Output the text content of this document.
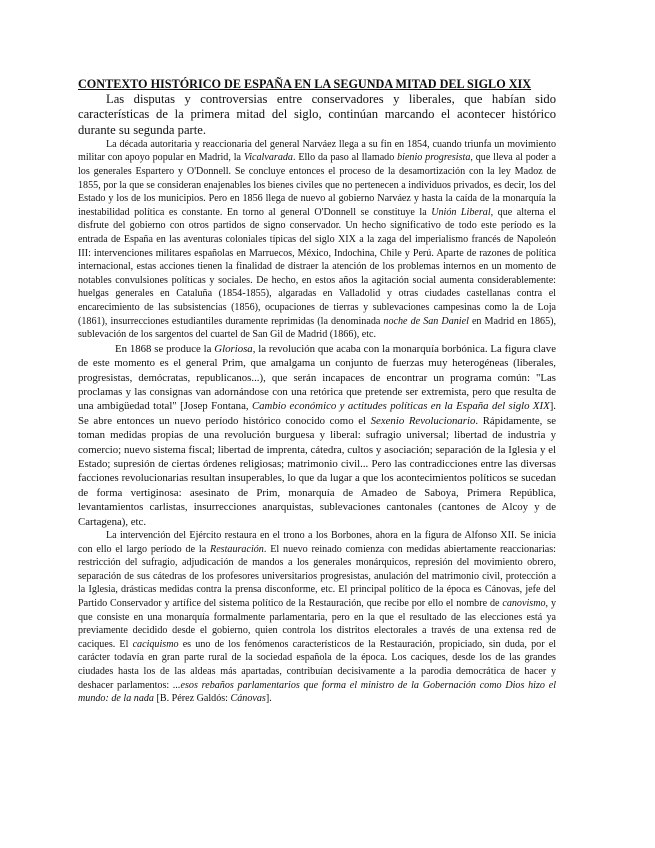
CONTEXTO HISTÓRICO DE ESPAÑA EN LA SEGUNDA MITAD DEL SIGLO XIX

Las disputas y controversias entre conservadores y liberales, que habían sido características de la primera mitad del siglo, continúan marcando el acontecer histórico durante su segunda parte.

La década autoritaria y reaccionaria del general Narváez llega a su fin en 1854, cuando triunfa un movimiento militar con apoyo popular en Madrid, la Vicalvarada. Ello da paso al llamado bienio progresista, que lleva al poder a los generales Espartero y O'Donnell. Se concluye entonces el proceso de la desamortización con la ley Madoz de 1855, por la que se consideran enajenables los bienes civiles que no pertenecen a individuos privados, es decir, los del Estado y los de los municipios. Pero en 1856 llega de nuevo al gobierno Narváez y hasta la caída de la monarquía la inestabilidad política es constante. En torno al general O'Donnell se constituye la Unión Liberal, que alterna el disfrute del gobierno con otros partidos de signo conservador. Un hecho significativo de todo este período es la entrada de España en las aventuras coloniales típicas del siglo XIX a la zaga del imperialismo francés de Napoleón III: intervenciones militares españolas en Marruecos, México, Indochina, Chile y Perú. Aparte de razones de política internacional, estas acciones tienen la finalidad de distraer la atención de los problemas internos en un momento de notables convulsiones políticas y sociales. De hecho, en estos años la agitación social aumenta considerablemente: huelgas generales en Cataluña (1854-1855), algaradas en Valladolid y otras ciudades castellanas contra el encarecimiento de las subsistencias (1856), ocupaciones de tierras y sublevaciones campesinas como la de Loja (1861), insurrecciones estudiantiles duramente reprimidas (la denominada noche de San Daniel en Madrid en 1865), sublevación de los sargentos del cuartel de San Gil de Madrid (1866), etc.

En 1868 se produce la Gloriosa, la revolución que acaba con la monarquía borbónica. La figura clave de este momento es el general Prim, que amalgama un conjunto de fuerzas muy heterogéneas (liberales, progresistas, demócratas, republicanos...), que serán incapaces de encontrar un programa común: "Las proclamas y las consignas van adornándose con una retórica que pretende ser extremista, pero que resulta de una ambigüedad total" [Josep Fontana, Cambio económico y actitudes políticas en la España del siglo XIX]. Se abre entonces un nuevo período histórico conocido como el Sexenio Revolucionario. Rápidamente, se toman medidas propias de una revolución burguesa y liberal: sufragio universal; libertad de industria y comercio; nuevo sistema fiscal; libertad de imprenta, cátedra, cultos y asociación; separación de la Iglesia y el Estado; supresión de ciertas órdenes religiosas; matrimonio civil... Pero las contradicciones entre las diversas facciones revolucionarias resultan insuperables, lo que da lugar a que los acontecimientos políticos se sucedan de forma vertiginosa: asesinato de Prim, monarquía de Amadeo de Saboya, Primera República, levantamientos carlistas, insurrecciones anarquistas, sublevaciones cantonales (cantones de Alcoy y de Cartagena), etc.

La intervención del Ejército restaura en el trono a los Borbones, ahora en la figura de Alfonso XII. Se inicia con ello el largo período de la Restauración. El nuevo reinado comienza con medidas abiertamente reaccionarias: restricción del sufragio, adjudicación de mandos a los generales monárquicos, represión del movimiento obrero, separación de sus cátedras de los profesores universitarios progresistas, anulación del matrimonio civil, protección a la Iglesia, drásticas medidas contra la prensa disconforme, etc. El principal político de la época es Cánovas, jefe del Partido Conservador y artífice del sistema político de la Restauración, que recibe por ello el nombre de canovismo, y que consiste en una monarquía formalmente parlamentaria, pero en la que el resultado de las elecciones está ya previamente decidido desde el gobierno, quien controla los distritos electorales a través de una extensa red de caciques. El caciquismo es uno de los fenómenos característicos de la Restauración, propiciado, sin duda, por el carácter todavía en gran parte rural de la sociedad española de la época. Los caciques, desde los de las grandes ciudades hasta los de las aldeas más apartadas, contribuían decisivamente a la parodia democrática de hacer y deshacer parlamentos: ...esos rebaños parlamentarios que forma el ministro de la Gobernación como Dios hizo el mundo: de la nada [B. Pérez Galdós: Cánovas].
